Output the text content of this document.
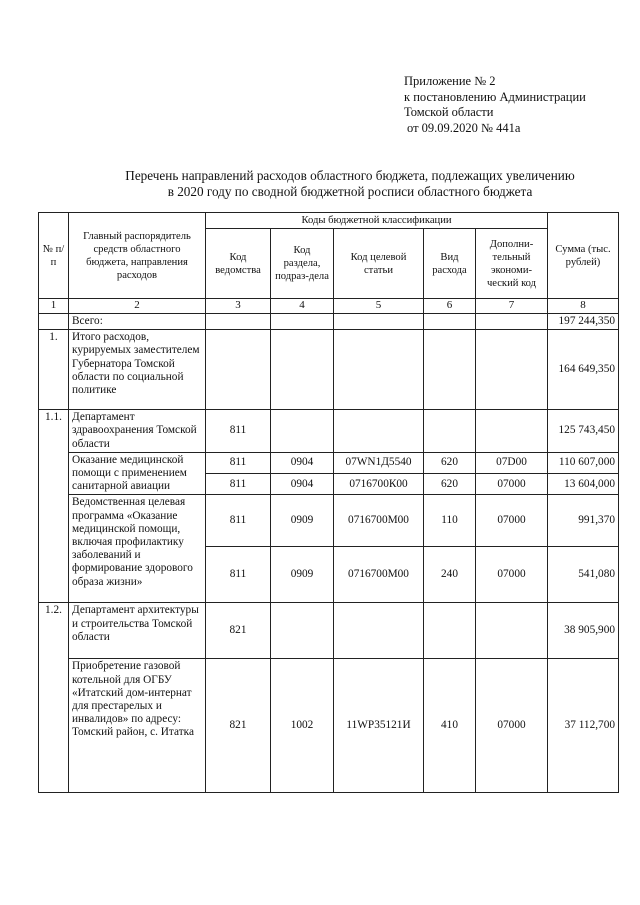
Приложение № 2
к постановлению Администрации
Томской области
от 09.09.2020 № 441а
Перечень направлений расходов областного бюджета, подлежащих увеличению
в 2020 году по сводной бюджетной росписи областного бюджета
№ п/п	Главный распорядитель средств областного бюджета, направления расходов	Коды бюджетной классификации					Сумма (тыс. рублей)
		Код ведомства	Код раздела, подраз-дела	Код целевой статьи	Вид расхода	Дополни-тельный экономи-ческий код	
1	2	3	4	5	6	7	8
	Всего:						197 244,350
1.	Итого расходов, курируемых заместителем Губернатора Томской области по социальной политике						164 649,350
1.1.	Департамент здравоохранения Томской области	811					125 743,450
	Оказание медицинской помощи с применением санитарной авиации	811	0904	07WN1Д5540	620	07D00	110 607,000
		811	0904	0716700К00	620	07000	13 604,000
	Ведомственная целевая программа «Оказание медицинской помощи, включая профилактику заболеваний и формирование здорового образа жизни»	811	0909	0716700М00	110	07000	991,370
		811	0909	0716700М00	240	07000	541,080
1.2.	Департамент архитектуры и строительства Томской области	821					38 905,900
	Приобретение газовой котельной для ОГБУ «Итатский дом-интернат для престарелых и инвалидов» по адресу: Томский район, с. Итатка	821	1002	11WP35121И	410	07000	37 112,700
